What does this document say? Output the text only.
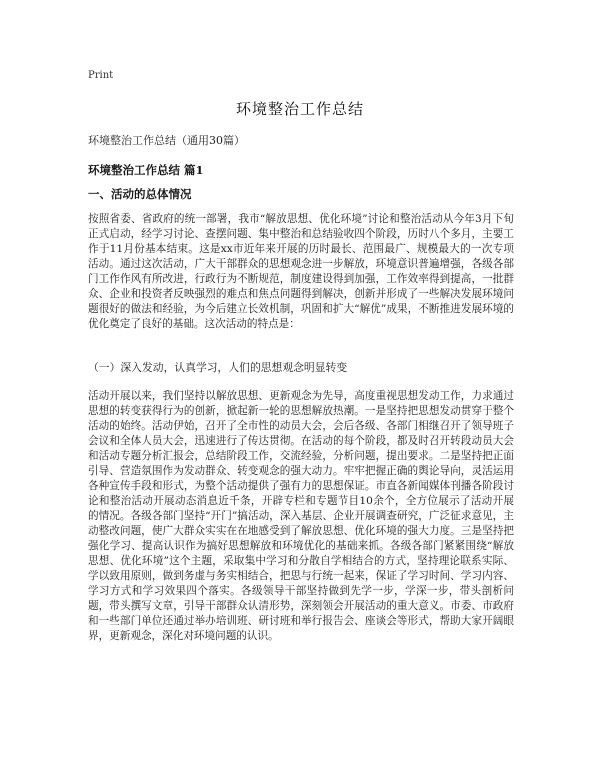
Print
环境整治工作总结
环境整治工作总结（通用30篇）
环境整治工作总结 篇1
一、活动的总体情况
按照省委、省政府的统一部署，我市“解放思想、优化环境”讨论和整治活动从今年3月下旬正式启动，经学习讨论、查摆问题、集中整治和总结验收四个阶段，历时八个多月，主要工作于11月份基本结束。这是xx市近年来开展的历时最长、范围最广、规模最大的一次专项活动。通过这次活动，广大干部群众的思想观念进一步解放，环境意识普遍增强，各级各部门工作作风有所改进，行政行为不断规范，制度建设得到加强，工作效率得到提高，一批群众、企业和投资者反映强烈的难点和焦点问题得到解决，创新并形成了一些解决发展环境问题很好的做法和经验，为今后建立长效机制，巩固和扩大“解优”成果，不断推进发展环境的优化奠定了良好的基础。这次活动的特点是：
（一）深入发动，认真学习，人们的思想观念明显转变
活动开展以来，我们坚持以解放思想、更新观念为先导，高度重视思想发动工作，力求通过思想的转变获得行为的创新，掀起新一轮的思想解放热潮。一是坚持把思想发动贯穿于整个活动的始终。活动伊始，召开了全市性的动员大会，会后各级、各部门相继召开了领导班子会议和全体人员大会，迅速进行了传达贯彻。在活动的每个阶段，都及时召开转段动员大会和活动专题分析汇报会，总结阶段工作，交流经验，分析问题，提出要求。二是坚持把正面引导、营造氛围作为发动群众、转变观念的强大动力。牢牢把握正确的舆论导向，灵活运用各种宣传手段和形式，为整个活动提供了强有力的思想保证。市直各新闻媒体刊播各阶段讨论和整治活动开展动态消息近千条，开辟专栏和专题节目10余个，全方位展示了活动开展的情况。各级各部门坚持“开门”搞活动，深入基层、企业开展调查研究，广泛征求意见，主动整改问题，使广大群众实实在在地感受到了解放思想、优化环境的强大力度。三是坚持把强化学习、提高认识作为搞好思想解放和环境优化的基础来抓。各级各部门紧紧围绕“解放思想、优化环境”这个主题，采取集中学习和分散自学相结合的方式，坚持理论联系实际、学以致用原则，做到务虚与务实相结合，把思与行统一起来，保证了学习时间、学习内容、学习方式和学习效果四个落实。各级领导干部坚持做到先学一步，学深一步，带头剖析问题，带头撰写文章，引导干部群众认清形势，深刻领会开展活动的重大意义。市委、市政府和一些部门单位还通过举办培训班、研讨班和举行报告会、座谈会等形式，帮助大家开阔眼界，更新观念，深化对环境问题的认识。
